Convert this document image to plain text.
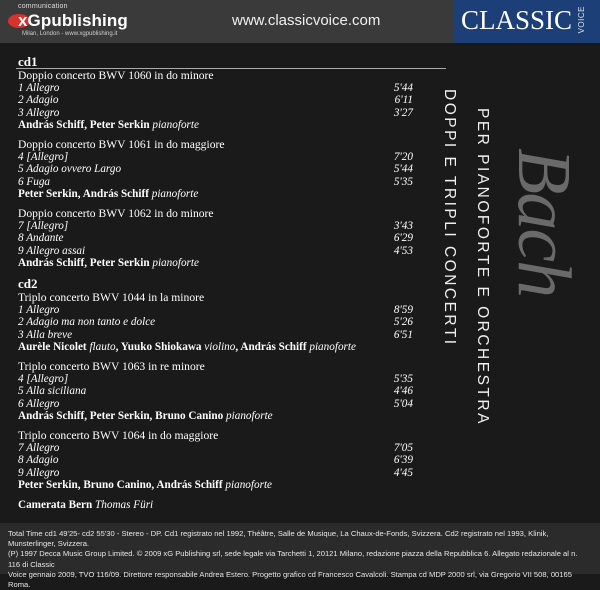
communication
xGpublishing
Milan, London - www.xgpublishing.it
www.classicvoice.com	CLASSIC VOICE
cd1
Doppio concerto BWV 1060 in do minore
1 Allegro	5'44
2 Adagio	6'11
3 Allegro	3'27
András Schiff, Peter Serkin pianoforte
Doppio concerto BWV 1061 in do maggiore
4 [Allegro]	7'20
5 Adagio ovvero Largo	5'44
6 Fuga	5'35
Peter Serkin, András Schiff pianoforte
Doppio concerto BWV 1062 in do minore
7 [Allegro]	3'43
8 Andante	6'29
9 Allegro assai	4'53
András Schiff, Peter Serkin pianoforte
cd2
Triplo concerto BWV 1044 in la minore
1 Allegro	8'59
2 Adagio ma non tanto e dolce	5'26
3 Alla breve	6'51
Aurèle Nicolet flauto, Yuuko Shiokawa violino, András Schiff pianoforte
Triplo concerto BWV 1063 in re minore
4 [Allegro]	5'35
5 Alla siciliana	4'46
6 Allegro	5'04
András Schiff, Peter Serkin, Bruno Canino pianoforte
Triplo concerto BWV 1064 in do maggiore
7 Allegro	7'05
8 Adagio	6'39
9 Allegro	4'45
Peter Serkin, Bruno Canino, András Schiff pianoforte
Camerata Bern Thomas Füri
DOPPI E TRIPLI CONCERTI PER PIANOFORTE E ORCHESTRA Bach
Total Time cd1 49'25- cd2 55'30 - Stereo - DP. Cd1 registrato nel 1992, Théâtre, Salle de Musique, La Chaux-de-Fonds, Svizzera. Cd2 registrato nel 1993, Klinik, Munsterlinger, Svizzera.
(P) 1997 Decca Music Group Limited. © 2009 xG Publishing srl, sede legale via Tarchetti 1, 20121 Milano, redazione piazza della Repubblica 6. Allegato redazionale al n. 116 di Classic
Voice gennaio 2009, TVO 116/09. Direttore responsabile Andrea Estero. Progetto grafico cd Francesco Cavalcoli. Stampa cd MDP 2000 srl, via Gregorio VII 508, 00165 Roma.
